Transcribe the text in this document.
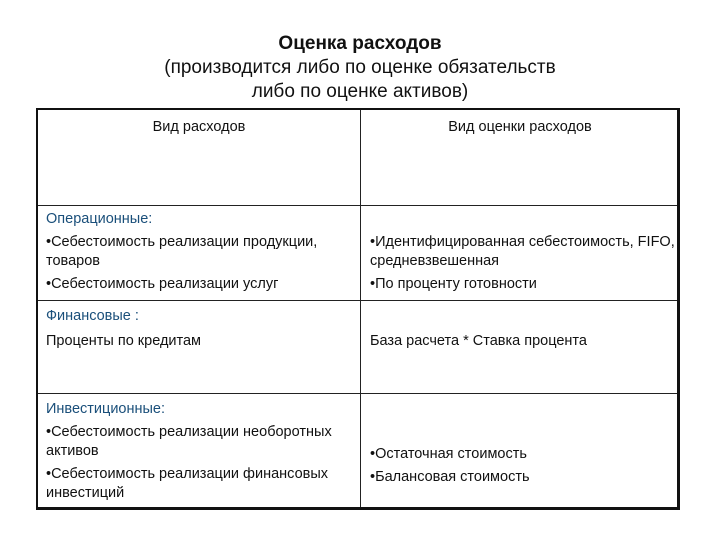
Оценка расходов
(производится либо по оценке обязательств
либо по оценке активов)
Вид расходов	Вид оценки расходов

Операционные:

•Себестоимость реализации продукции, товаров

•Себестоимость реализации услуг

•Идентифицированная себестоимость, FIFO, средневзвешенная

•По проценту готовности

Финансовые :

Проценты по кредитам	База расчета * Ставка процента

Инвестиционные:

•Себестоимость реализации необоротных активов

•Себестоимость реализации финансовых инвестиций

•Остаточная стоимость

•Балансовая стоимость
